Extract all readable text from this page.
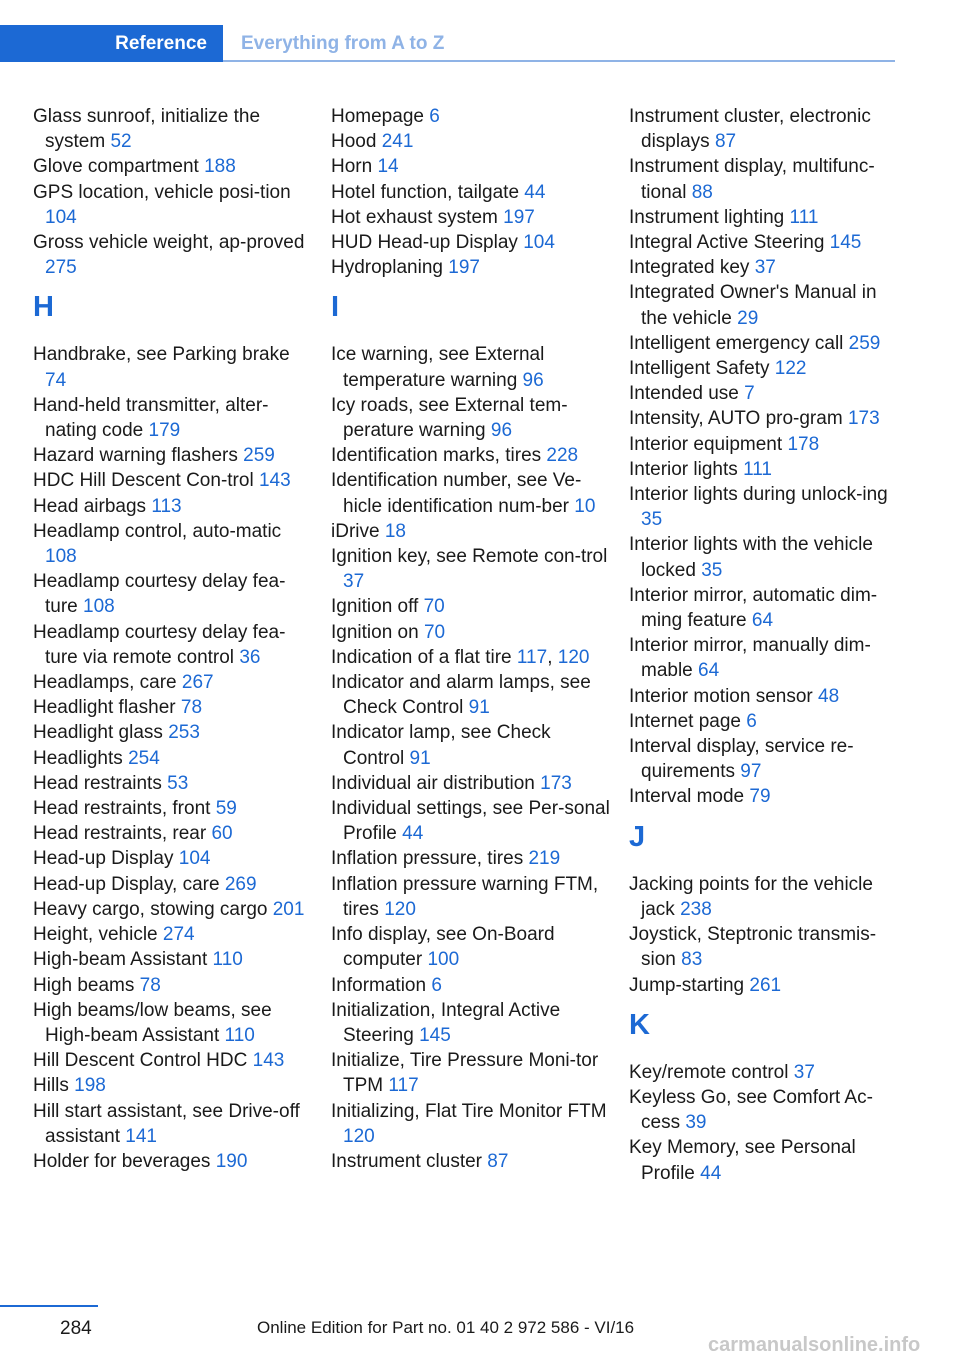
Reference	Everything from A to Z
Glass sunroof, initialize the system 52
Glove compartment 188
GPS location, vehicle posi-tion 104
Gross vehicle weight, ap-proved 275
H
Handbrake, see Parking brake 74
Hand-held transmitter, alter-nating code 179
Hazard warning flashers 259
HDC Hill Descent Con-trol 143
Head airbags 113
Headlamp control, auto-matic 108
Headlamp courtesy delay fea-ture 108
Headlamp courtesy delay fea-ture via remote control 36
Headlamps, care 267
Headlight flasher 78
Headlight glass 253
Headlights 254
Head restraints 53
Head restraints, front 59
Head restraints, rear 60
Head-up Display 104
Head-up Display, care 269
Heavy cargo, stowing cargo 201
Height, vehicle 274
High-beam Assistant 110
High beams 78
High beams/low beams, see High-beam Assistant 110
Hill Descent Control HDC 143
Hills 198
Hill start assistant, see Drive-off assistant 141
Holder for beverages 190
Homepage 6
Hood 241
Horn 14
Hotel function, tailgate 44
Hot exhaust system 197
HUD Head-up Display 104
Hydroplaning 197
I
Ice warning, see External temperature warning 96
Icy roads, see External tem-perature warning 96
Identification marks, tires 228
Identification number, see Ve-hicle identification num-ber 10
iDrive 18
Ignition key, see Remote con-trol 37
Ignition off 70
Ignition on 70
Indication of a flat tire 117, 120
Indicator and alarm lamps, see Check Control 91
Indicator lamp, see Check Control 91
Individual air distribution 173
Individual settings, see Per-sonal Profile 44
Inflation pressure, tires 219
Inflation pressure warning FTM, tires 120
Info display, see On-Board computer 100
Information 6
Initialization, Integral Active Steering 145
Initialize, Tire Pressure Moni-tor TPM 117
Initializing, Flat Tire Monitor FTM 120
Instrument cluster 87
Instrument cluster, electronic displays 87
Instrument display, multifunc-tional 88
Instrument lighting 111
Integral Active Steering 145
Integrated key 37
Integrated Owner's Manual in the vehicle 29
Intelligent emergency call 259
Intelligent Safety 122
Intended use 7
Intensity, AUTO pro-gram 173
Interior equipment 178
Interior lights 111
Interior lights during unlock-ing 35
Interior lights with the vehicle locked 35
Interior mirror, automatic dim-ming feature 64
Interior mirror, manually dim-mable 64
Interior motion sensor 48
Internet page 6
Interval display, service re-quirements 97
Interval mode 79
J
Jacking points for the vehicle jack 238
Joystick, Steptronic transmis-sion 83
Jump-starting 261
K
Key/remote control 37
Keyless Go, see Comfort Ac-cess 39
Key Memory, see Personal Profile 44
284	Online Edition for Part no. 01 40 2 972 586 - VI/16
carmanualsonline.info
